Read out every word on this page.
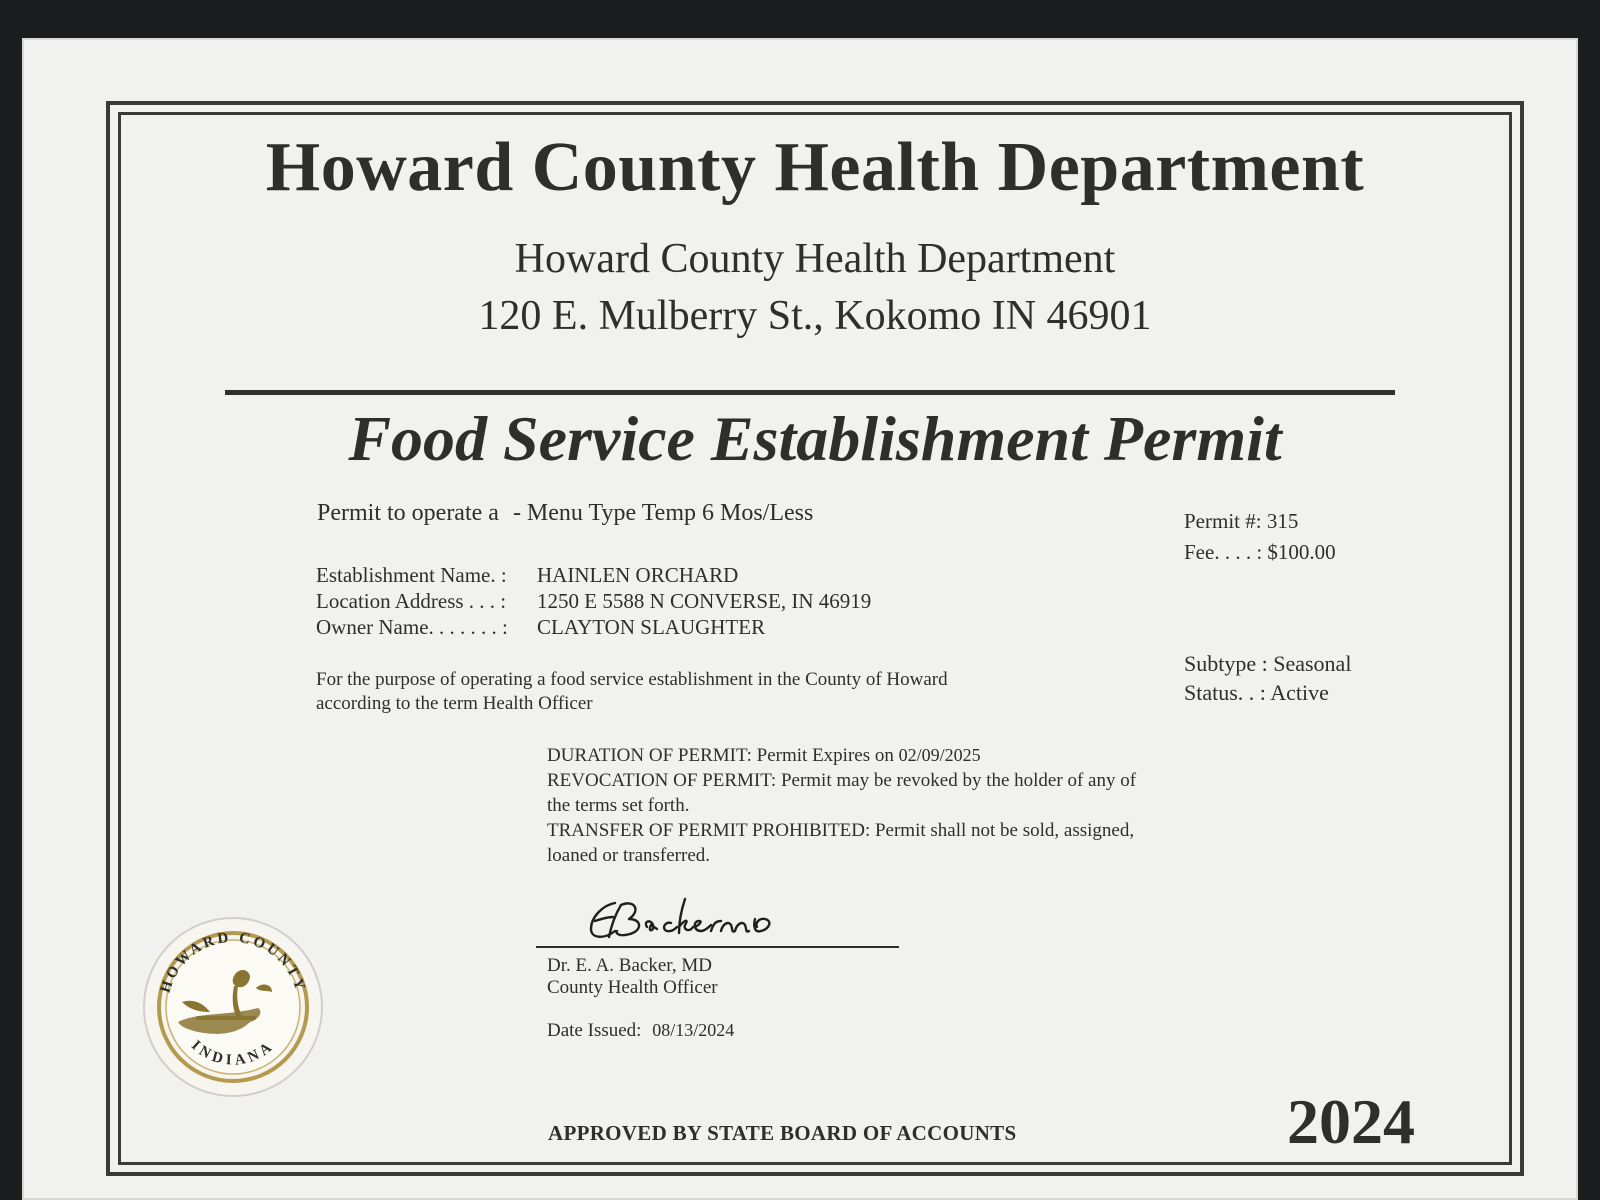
Howard County Health Department
Howard County Health Department
120 E. Mulberry St., Kokomo IN 46901
Food Service Establishment Permit
Permit to operate a - Menu Type Temp 6 Mos/Less	Permit #: 315
Fee. . . . : $100.00
Subtype : Seasonal
Status. . : Active
Establishment Name. :	HAINLEN ORCHARD
Location Address . . . :	1250 E 5588 N CONVERSE, IN 46919
Owner Name. . . . . . . :	CLAYTON SLAUGHTER
For the purpose of operating a food service establishment in the County of Howard
according to the term Health Officer
DURATION OF PERMIT: Permit Expires on 02/09/2025
REVOCATION OF PERMIT: Permit may be revoked by the holder of any of the terms set forth.
TRANSFER OF PERMIT PROHIBITED: Permit shall not be sold, assigned, loaned or transferred.
Dr. E. A. Backer, MD
County Health Officer
Date Issued: 08/13/2024
HOWARD COUNTY
INDIANA
APPROVED BY STATE BOARD OF ACCOUNTS	2024
